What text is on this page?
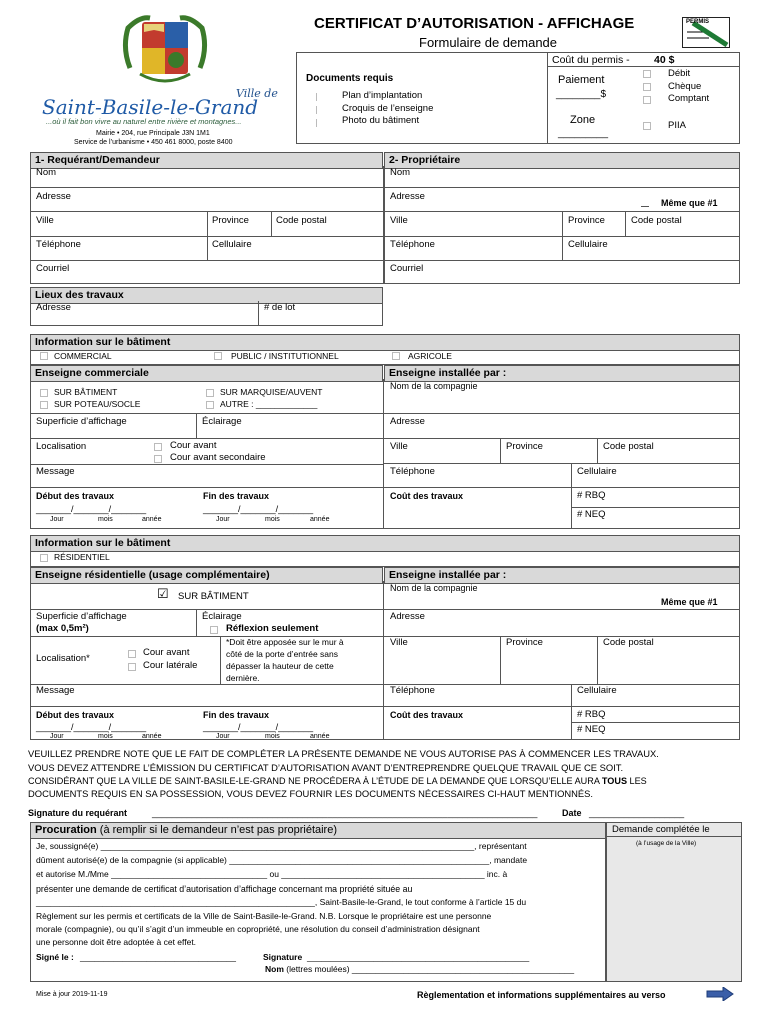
Ville de
Saint-Basile-le-Grand
...où il fait bon vivre au naturel entre rivière et montagnes...
Mairie • 204, rue Principale J3N 1M1
Service de l’urbanisme • 450 461 8000, poste 8400
CERTIFICAT D’AUTORISATION - AFFICHAGE
Formulaire de demande
PERMIS
Documents requis
Plan d’implantation
Croquis de l’enseigne
Photo du bâtiment
Coût du permis - 40 $
Paiement
________$
Débit
Chèque
Comptant
Zone
_________
PIIA
1- Requérant/Demandeur	2- Propriétaire
Nom
Adresse
Ville	Province	Code postal
Téléphone	Cellulaire
Courriel
Nom
Adresse
Même que #1
Ville	Province	Code postal
Téléphone	Cellulaire
Courriel
Lieux des travaux
Adresse	# de lot
Information sur le bâtiment
COMMERCIAL	PUBLIC / INSTITUTIONNEL	AGRICOLE
Enseigne commerciale	Enseigne installée par :
SUR BÂTIMENT
SUR POTEAU/SOCLE
SUR MARQUISE/AUVENT
AUTRE : _____________
Nom de la compagnie
Superficie d’affichage	Éclairage	Adresse
Localisation	Cour avant
Cour avant secondaire
Ville	Province	Code postal
Message	Téléphone	Cellulaire
Début des travaux
_______/_______/_______
Jour	mois	année
Fin des travaux
_______/_______/_______
Jour	mois	année
Coût des travaux	# RBQ
# NEQ
Information sur le bâtiment
RÉSIDENTIEL
Enseigne résidentielle (usage complémentaire)	Enseigne installée par :
☑ SUR BÂTIMENT
Nom de la compagnie
Même que #1
Superficie d’affichage
(max 0,5m²)
Éclairage
Réflexion seulement
Adresse
Localisation*
Cour avant
Cour latérale
*Doit être apposée sur le mur à
côté de la porte d’entrée sans
dépasser la hauteur de cette
dernière.
Ville	Province	Code postal
Message	Téléphone	Cellulaire
Début des travaux
_______/_______/_______
Jour	mois	année
Fin des travaux
_______/_______/_______
Jour	mois	année
Coût des travaux	# RBQ
# NEQ
VEUILLEZ PRENDRE NOTE QUE LE FAIT DE COMPLÉTER LA PRÉSENTE DEMANDE NE VOUS AUTORISE PAS À COMMENCER LES TRAVAUX.
VOUS DEVEZ ATTENDRE L’ÉMISSION DU CERTIFICAT D’AUTORISATION AVANT D’ENTREPRENDRE QUELQUE TRAVAIL QUE CE SOIT.
CONSIDÉRANT QUE LA VILLE DE SAINT-BASILE-LE-GRAND NE PROCÉDERA À L’ÉTUDE DE LA DEMANDE QUE LORSQU’ELLE AURA TOUS LES
DOCUMENTS REQUIS EN SA POSSESSION, VOUS DEVEZ FOURNIR LES DOCUMENTS NÉCESSAIRES CI-HAUT MENTIONNÉS.
Signature du requérant	_____________________________________________________________________________	Date ___________________
Procuration (à remplir si le demandeur n’est pas propriétaire)
Je, soussigné(e) _______________________________________________________________________________, représentant
dûment autorisé(e) de la compagnie (si applicable) _______________________________________________________, mandate
et autorise M./Mme _________________________________ ou ___________________________________________ inc. à
présenter une demande de certificat d’autorisation d’affichage concernant ma propriété située au
___________________________________________________________, Saint-Basile-le-Grand, le tout conforme à l’article 15 du
Règlement sur les permis et certificats de la Ville de Saint-Basile-le-Grand. N.B. Lorsque le propriétaire est une personne
morale (compagnie), ou qu’il s’agit d’un immeuble en copropriété, une résolution du conseil d’administration désignant
une personne doit être adoptée à cet effet.
Signé le : _________________________________	Signature _______________________________________________
Demande complétée le
(à l’usage de la Ville)
Mise à jour 2019-11-19	Règlementation et informations supplémentaires au verso
Nom (lettres moulées) _______________________________________________
